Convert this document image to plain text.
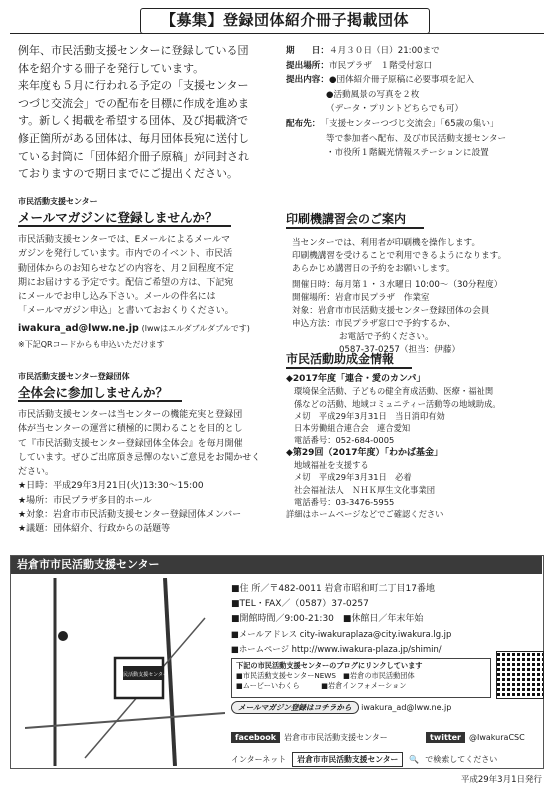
【募集】登録団体紹介冊子掲載団体
例年、市民活動支援センターに登録している団
体を紹介する冊子を発行しています。
来年度も５月に行われる予定の「支援センター
つづじ交流会」での配布を目標に作成を進めま
す。新しく掲載を希望する団体、及び掲載済で
修正箇所がある団体は、毎月団体長宛に送付し
ている封筒に「団体紹介冊子原稿」が同封され
ておりますので期日までにご提出ください。
期　　日： ４月３０日（日）21:00まで
提出場所： 市民プラザ　１階受付窓口
提出内容： ●団体紹介冊子原稿に必要事項を記入
●活動風景の写真を２枚
（データ・プリントどちらでも可）
配布先： 「支援センターつづじ交流会」「65歳の集い」
等で参加者へ配布、及び市民活動支援センター
・市役所１階観光情報ステーションに設置
市民活動支援センター
メールマガジンに登録しませんか？
市民活動支援センターでは、Eメールによるメールマ
ガジンを発行しています。市内でのイベント、市民活
動団体からのお知らせなどの内容を、月２回程度不定
期にお届けする予定です。配信ご希望の方は、下記宛
にメールでお申し込み下さい。メールの件名には
「メールマガジン申込」と書いておおくりください。
iwakura_ad@lww.ne.jp (lwwはエルダブルダブルです)
※下記QRコードからも申込いただけます
印刷機講習会のご案内
当センターでは、利用者が印刷機を操作します。
印刷機講習を受けることで利用できるようになります。
あらかじめ講習日の予約をお願いします。
開催日時：毎月第１・３水曜日 10:00〜（30分程度）
開催場所：岩倉市民プラザ　作業室
対象：岩倉市市民活動支援センター登録団体の会員
申込方法：市民プラザ窓口で予約するか、
お電話で予約ください。
0587-37-0257（担当：伊藤）
市民活動支援センター登録団体
全体会に参加しませんか？
市民活動支援センターは当センターの機能充実と登録団
体が当センターの運営に積極的に関わることを目的とし
て『市民活動支援センター登録団体全体会』を毎月開催
しています。ぜひご出席頂き忌憚のないご意見をお聞かせく
ださい。
★日時：平成29年3月21日(火)13:30〜15:00
★場所：市民プラザ多目的ホール
★対象：岩倉市市民活動支援センター登録団体メンバー
★議題：団体紹介、行政からの話題等
市民活動助成金情報
◆2017年度「連合・愛のカンパ」
環境保全活動、子どもの健全育成活動、医療・福祉関
係などの活動、地域コミュニティー活動等の地域助成。
メ切　平成29年3月31日　当日消印有効
日本労働組合連合会　連合愛知
電話番号：052-684-0005
◆第29回（2017年度）「わかば基金」
地域福祉を支援する
メ切　平成29年3月31日　必着
社会福祉法人　ＮＨＫ厚生文化事業団
電話番号：03-3476-5955
詳細はホームページなどでご確認ください
岩倉市市民活動支援センター
市民活動支援センター
■住 所／〒482-0011 岩倉市昭和町二丁目17番地
■TEL・FAX／（0587）37-0257
■開館時間／9:00-21:30　 ■休館日／年末年始
■メールアドレス city-iwakuraplaza@city.iwakura.lg.jp
■ホームページ http://www.iwakura-plaza.jp/shimin/
下記の市民活動支援センターのブログにリンクしています
■市民活動支援センターNEWS　■岩倉の市民活動団体
■ムービーいわくら　　　■岩倉インフォメーション
メールマガジン登録はコチラから iwakura_ad@lww.ne.jp
facebook 岩倉市市民活動支援センター	twitter @IwakuraCSC
インターネット	岩倉市市民活動支援センター	🔍 で検索してください
平成29年3月1日発行
